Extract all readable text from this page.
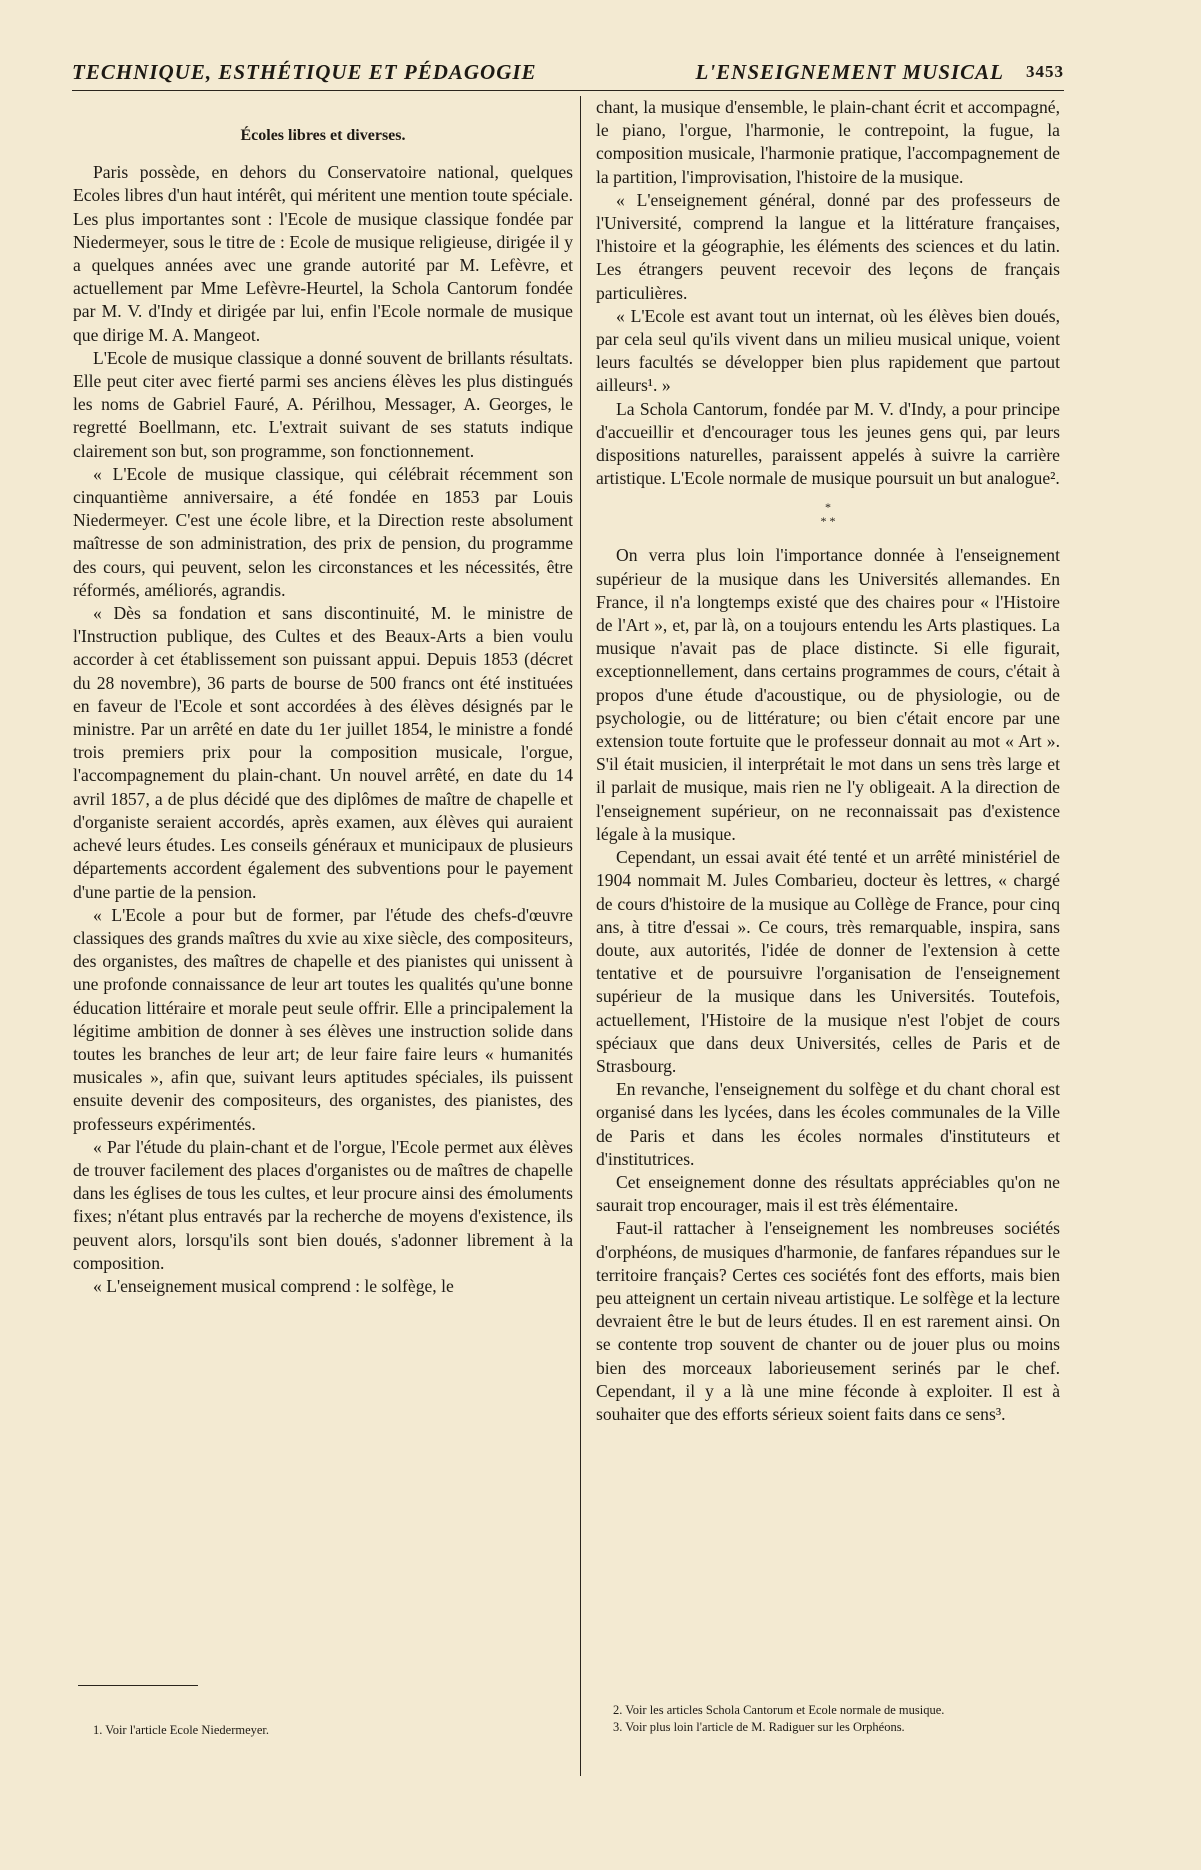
TECHNIQUE, ESTHÉTIQUE ET PÉDAGOGIE	L'ENSEIGNEMENT MUSICAL 3453
Écoles libres et diverses.

Paris possède, en dehors du Conservatoire national, quelques Ecoles libres d'un haut intérêt, qui méritent une mention toute spéciale. Les plus importantes sont : l'Ecole de musique classique fondée par Niedermeyer, sous le titre de : Ecole de musique religieuse, dirigée il y a quelques années avec une grande autorité par M. Lefèvre, et actuellement par Mme Lefèvre-Heurtel, la Schola Cantorum fondée par M. V. d'Indy et dirigée par lui, enfin l'Ecole normale de musique que dirige M. A. Mangeot.

L'Ecole de musique classique a donné souvent de brillants résultats. Elle peut citer avec fierté parmi ses anciens élèves les plus distingués les noms de Gabriel Fauré, A. Périlhou, Messager, A. Georges, le regretté Boellmann, etc. L'extrait suivant de ses statuts indique clairement son but, son programme, son fonctionnement.

« L'Ecole de musique classique, qui célébrait récemment son cinquantième anniversaire, a été fondée en 1853 par Louis Niedermeyer. C'est une école libre, et la Direction reste absolument maîtresse de son administration, des prix de pension, du programme des cours, qui peuvent, selon les circonstances et les nécessités, être réformés, améliorés, agrandis.

« Dès sa fondation et sans discontinuité, M. le ministre de l'Instruction publique, des Cultes et des Beaux-Arts a bien voulu accorder à cet établissement son puissant appui. Depuis 1853 (décret du 28 novembre), 36 parts de bourse de 500 francs ont été instituées en faveur de l'Ecole et sont accordées à des élèves désignés par le ministre. Par un arrêté en date du 1er juillet 1854, le ministre a fondé trois premiers prix pour la composition musicale, l'orgue, l'accompagnement du plain-chant. Un nouvel arrêté, en date du 14 avril 1857, a de plus décidé que des diplômes de maître de chapelle et d'organiste seraient accordés, après examen, aux élèves qui auraient achevé leurs études. Les conseils généraux et municipaux de plusieurs départements accordent également des subventions pour le payement d'une partie de la pension.

« L'Ecole a pour but de former, par l'étude des chefs-d'œuvre classiques des grands maîtres du xvie au xixe siècle, des compositeurs, des organistes, des maîtres de chapelle et des pianistes qui unissent à une profonde connaissance de leur art toutes les qualités qu'une bonne éducation littéraire et morale peut seule offrir. Elle a principalement la légitime ambition de donner à ses élèves une instruction solide dans toutes les branches de leur art; de leur faire faire leurs « humanités musicales », afin que, suivant leurs aptitudes spéciales, ils puissent ensuite devenir des compositeurs, des organistes, des pianistes, des professeurs expérimentés.

« Par l'étude du plain-chant et de l'orgue, l'Ecole permet aux élèves de trouver facilement des places d'organistes ou de maîtres de chapelle dans les églises de tous les cultes, et leur procure ainsi des émoluments fixes; n'étant plus entravés par la recherche de moyens d'existence, ils peuvent alors, lorsqu'ils sont bien doués, s'adonner librement à la composition.

« L'enseignement musical comprend : le solfège, le

1. Voir l'article Ecole Niedermeyer.

chant, la musique d'ensemble, le plain-chant écrit et accompagné, le piano, l'orgue, l'harmonie, le contrepoint, la fugue, la composition musicale, l'harmonie pratique, l'accompagnement de la partition, l'improvisation, l'histoire de la musique.

« L'enseignement général, donné par des professeurs de l'Université, comprend la langue et la littérature françaises, l'histoire et la géographie, les éléments des sciences et du latin. Les étrangers peuvent recevoir des leçons de français particulières.

« L'Ecole est avant tout un internat, où les élèves bien doués, par cela seul qu'ils vivent dans un milieu musical unique, voient leurs facultés se développer bien plus rapidement que partout ailleurs¹. »

La Schola Cantorum, fondée par M. V. d'Indy, a pour principe d'accueillir et d'encourager tous les jeunes gens qui, par leurs dispositions naturelles, paraissent appelés à suivre la carrière artistique. L'Ecole normale de musique poursuit un but analogue².

*
* *

On verra plus loin l'importance donnée à l'enseignement supérieur de la musique dans les Universités allemandes. En France, il n'a longtemps existé que des chaires pour « l'Histoire de l'Art », et, par là, on a toujours entendu les Arts plastiques. La musique n'avait pas de place distincte. Si elle figurait, exceptionnellement, dans certains programmes de cours, c'était à propos d'une étude d'acoustique, ou de physiologie, ou de psychologie, ou de littérature; ou bien c'était encore par une extension toute fortuite que le professeur donnait au mot « Art ». S'il était musicien, il interprétait le mot dans un sens très large et il parlait de musique, mais rien ne l'y obligeait. A la direction de l'enseignement supérieur, on ne reconnaissait pas d'existence légale à la musique.

Cependant, un essai avait été tenté et un arrêté ministériel de 1904 nommait M. Jules Combarieu, docteur ès lettres, « chargé de cours d'histoire de la musique au Collège de France, pour cinq ans, à titre d'essai ». Ce cours, très remarquable, inspira, sans doute, aux autorités, l'idée de donner de l'extension à cette tentative et de poursuivre l'organisation de l'enseignement supérieur de la musique dans les Universités. Toutefois, actuellement, l'Histoire de la musique n'est l'objet de cours spéciaux que dans deux Universités, celles de Paris et de Strasbourg.

En revanche, l'enseignement du solfège et du chant choral est organisé dans les lycées, dans les écoles communales de la Ville de Paris et dans les écoles normales d'instituteurs et d'institutrices.

Cet enseignement donne des résultats appréciables qu'on ne saurait trop encourager, mais il est très élémentaire.

Faut-il rattacher à l'enseignement les nombreuses sociétés d'orphéons, de musiques d'harmonie, de fanfares répandues sur le territoire français? Certes ces sociétés font des efforts, mais bien peu atteignent un certain niveau artistique. Le solfège et la lecture devraient être le but de leurs études. Il en est rarement ainsi. On se contente trop souvent de chanter ou de jouer plus ou moins bien des morceaux laborieusement serinés par le chef. Cependant, il y a là une mine féconde à exploiter. Il est à souhaiter que des efforts sérieux soient faits dans ce sens³.

2. Voir les articles Schola Cantorum et Ecole normale de musique.
3. Voir plus loin l'article de M. Radiguer sur les Orphéons.
